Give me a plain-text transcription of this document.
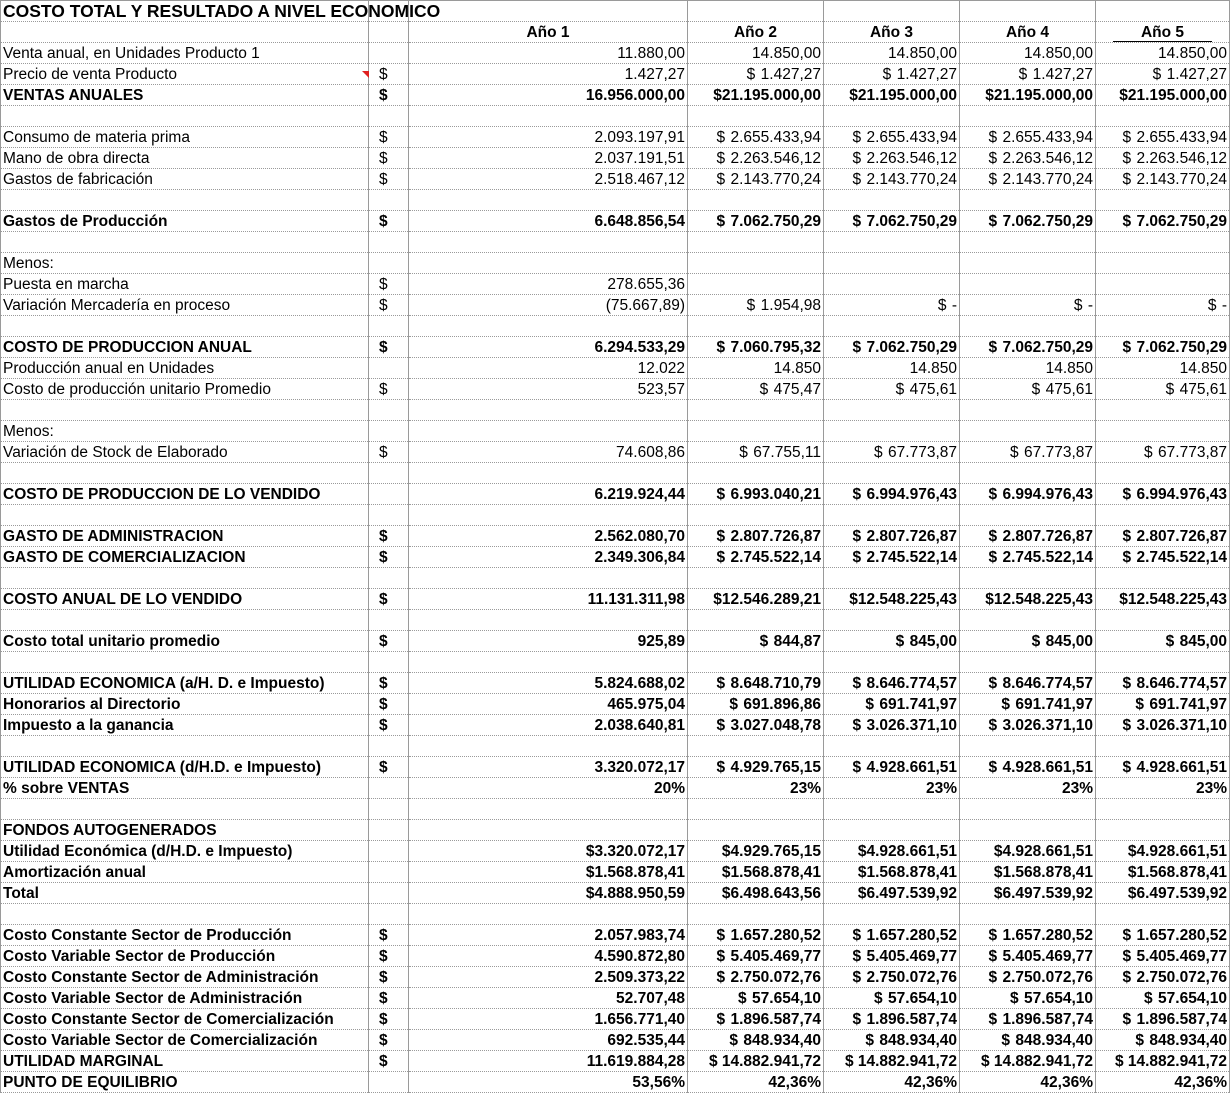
COSTO TOTAL Y RESULTADO A NIVEL ECONOMICO						
		Año 1	Año 2	Año 3	Año 4	Año 5
Venta anual, en Unidades Producto 1		11.880,00	14.850,00	14.850,00	14.850,00	14.850,00

Precio de venta Producto	$	1.427,27	$ 1.427,27	$ 1.427,27	$ 1.427,27	$ 1.427,27

VENTAS ANUALES	$	16.956.000,00	$21.195.000,00	$21.195.000,00	$21.195.000,00	$21.195.000,00

Consumo de materia prima	$	2.093.197,91	$ 2.655.433,94	$ 2.655.433,94	$ 2.655.433,94	$ 2.655.433,94

Mano de obra directa	$	2.037.191,51	$ 2.263.546,12	$ 2.263.546,12	$ 2.263.546,12	$ 2.263.546,12

Gastos de fabricación	$	2.518.467,12	$ 2.143.770,24	$ 2.143.770,24	$ 2.143.770,24	$ 2.143.770,24

Gastos de Producción	$	6.648.856,54	$ 7.062.750,29	$ 7.062.750,29	$ 7.062.750,29	$ 7.062.750,29

Menos:		

Puesta en marcha	$	278.655,36				

Variación Mercadería en proceso	$	(75.667,89)	$ 1.954,98	$ -	$ -	$ -

COSTO DE PRODUCCION ANUAL	$	6.294.533,29	$ 7.060.795,32	$ 7.062.750,29	$ 7.062.750,29	$ 7.062.750,29

Producción anual en Unidades		12.022	14.850	14.850	14.850	14.850

Costo de producción unitario Promedio	$	523,57	$ 475,47	$ 475,61	$ 475,61	$ 475,61

Menos:		

Variación de Stock de Elaborado	$	74.608,86	$ 67.755,11	$ 67.773,87	$ 67.773,87	$ 67.773,87

COSTO DE PRODUCCION DE LO VENDIDO		6.219.924,44	$ 6.993.040,21	$ 6.994.976,43	$ 6.994.976,43	$ 6.994.976,43

GASTO DE ADMINISTRACION	$	2.562.080,70	$ 2.807.726,87	$ 2.807.726,87	$ 2.807.726,87	$ 2.807.726,87

GASTO DE COMERCIALIZACION	$	2.349.306,84	$ 2.745.522,14	$ 2.745.522,14	$ 2.745.522,14	$ 2.745.522,14

COSTO ANUAL DE LO VENDIDO	$	11.131.311,98	$12.546.289,21	$12.548.225,43	$12.548.225,43	$12.548.225,43

Costo total unitario promedio	$	925,89	$ 844,87	$ 845,00	$ 845,00	$ 845,00

UTILIDAD ECONOMICA (a/H. D. e Impuesto)	$	5.824.688,02	$ 8.648.710,79	$ 8.646.774,57	$ 8.646.774,57	$ 8.646.774,57

Honorarios al Directorio	$	465.975,04	$ 691.896,86	$ 691.741,97	$ 691.741,97	$ 691.741,97

Impuesto a la ganancia	$	2.038.640,81	$ 3.027.048,78	$ 3.026.371,10	$ 3.026.371,10	$ 3.026.371,10

UTILIDAD ECONOMICA (d/H.D. e Impuesto)	$	3.320.072,17	$ 4.929.765,15	$ 4.928.661,51	$ 4.928.661,51	$ 4.928.661,51

% sobre VENTAS		20%	23%	23%	23%	23%

FONDOS AUTOGENERADOS		

Utilidad Económica (d/H.D. e Impuesto)		$3.320.072,17	$4.929.765,15	$4.928.661,51	$4.928.661,51	$4.928.661,51

Amortización anual		$1.568.878,41	$1.568.878,41	$1.568.878,41	$1.568.878,41	$1.568.878,41

Total		$4.888.950,59	$6.498.643,56	$6.497.539,92	$6.497.539,92	$6.497.539,92

Costo Constante Sector de Producción	$	2.057.983,74	$ 1.657.280,52	$ 1.657.280,52	$ 1.657.280,52	$ 1.657.280,52

Costo Variable Sector de Producción	$	4.590.872,80	$ 5.405.469,77	$ 5.405.469,77	$ 5.405.469,77	$ 5.405.469,77

Costo Constante Sector de Administración	$	2.509.373,22	$ 2.750.072,76	$ 2.750.072,76	$ 2.750.072,76	$ 2.750.072,76

Costo Variable Sector de Administración	$	52.707,48	$ 57.654,10	$ 57.654,10	$ 57.654,10	$ 57.654,10

Costo Constante Sector de Comercialización	$	1.656.771,40	$ 1.896.587,74	$ 1.896.587,74	$ 1.896.587,74	$ 1.896.587,74

Costo Variable Sector de Comercialización	$	692.535,44	$ 848.934,40	$ 848.934,40	$ 848.934,40	$ 848.934,40

UTILIDAD MARGINAL	$	11.619.884,28	$ 14.882.941,72	$ 14.882.941,72	$ 14.882.941,72	$ 14.882.941,72

PUNTO DE EQUILIBRIO		53,56%	42,36%	42,36%	42,36%	42,36%
